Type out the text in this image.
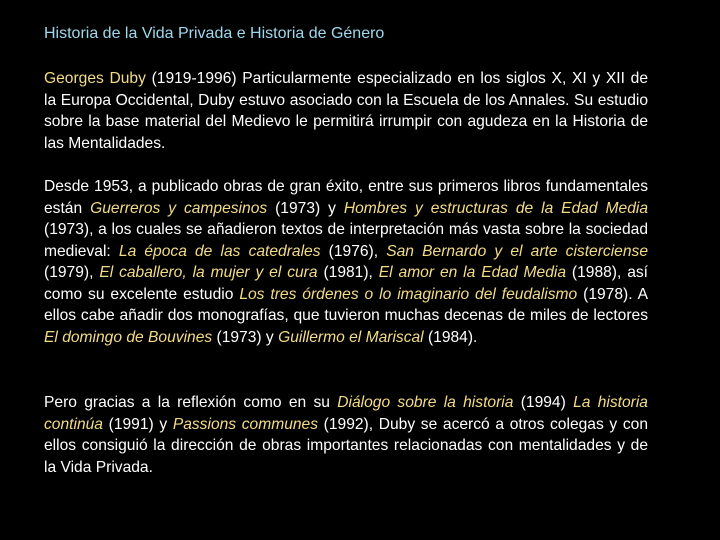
Historia de la Vida Privada e Historia de Género

Georges Duby (1919-1996) Particularmente especializado en los siglos X, XI y XII de la Europa Occidental, Duby estuvo asociado con la Escuela de los Annales. Su estudio sobre la base material del Medievo le permitirá irrumpir con agudeza en la Historia de las Mentalidades.

Desde 1953, a publicado obras de gran éxito, entre sus primeros libros fundamentales están Guerreros y campesinos (1973) y Hombres y estructuras de la Edad Media (1973), a los cuales se añadieron textos de interpretación más vasta sobre la sociedad medieval: La época de las catedrales (1976), San Bernardo y el arte cisterciense (1979), El caballero, la mujer y el cura (1981), El amor en la Edad Media (1988), así como su excelente estudio Los tres órdenes o lo imaginario del feudalismo (1978). A ellos cabe añadir dos monografías, que tuvieron muchas decenas de miles de lectores El domingo de Bouvines (1973) y Guillermo el Mariscal (1984).

Pero gracias a la reflexión como en su Diálogo sobre la historia (1994) La historia continúa (1991) y Passions communes (1992), Duby se acercó a otros colegas y con ellos consiguió la dirección de obras importantes relacionadas con mentalidades y de la Vida Privada.
